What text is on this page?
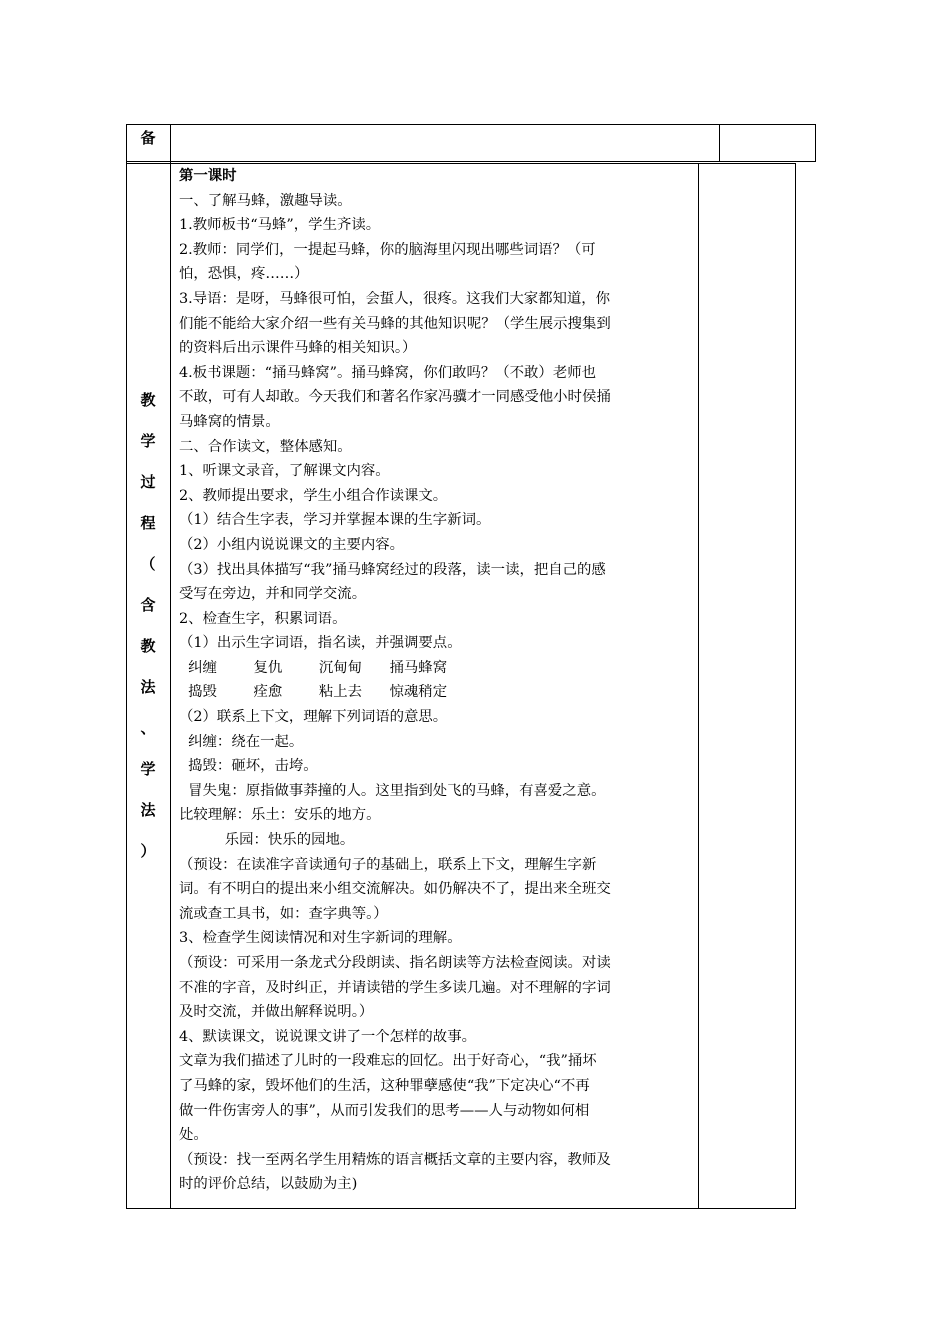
备
教
学
过
程
（
含
教
法
、
学
法
）
第一课时
一、了解马蜂，激趣导读。
1.教师板书“马蜂”，学生齐读。
2.教师：同学们，一提起马蜂，你的脑海里闪现出哪些词语？（可
怕，恐惧，疼……）
3.导语：是呀，马蜂很可怕，会蜇人，很疼。这我们大家都知道，你
们能不能给大家介绍一些有关马蜂的其他知识呢？（学生展示搜集到
的资料后出示课件马蜂的相关知识。）
4.板书课题：“捅马蜂窝”。捅马蜂窝，你们敢吗？（不敢）老师也
不敢，可有人却敢。今天我们和著名作家冯骥才一同感受他小时侯捅
马蜂窝的情景。
二、合作读文，整体感知。
1、听课文录音，了解课文内容。
2、教师提出要求，学生小组合作读课文。
（1）结合生字表，学习并掌握本课的生字新词。
（2）小组内说说课文的主要内容。
（3）找出具体描写“我”捅马蜂窝经过的段落，读一读，把自己的感
受写在旁边，并和同学交流。
2、检查生字，积累词语。
（1）出示生字词语，指名读，并强调要点。
纠缠        复仇        沉甸甸      捅马蜂窝
捣毁        痊愈        粘上去      惊魂稍定
（2）联系上下文，理解下列词语的意思。
纠缠：绕在一起。
捣毁：砸坏，击垮。
冒失鬼：原指做事莽撞的人。这里指到处飞的马蜂，有喜爱之意。
比较理解：乐土：安乐的地方。
乐园：快乐的园地。
（预设：在读准字音读通句子的基础上，联系上下文，理解生字新
词。有不明白的提出来小组交流解决。如仍解决不了，提出来全班交
流或查工具书，如：查字典等。）
3、检查学生阅读情况和对生字新词的理解。
（预设：可采用一条龙式分段朗读、指名朗读等方法检查阅读。对读
不准的字音，及时纠正，并请读错的学生多读几遍。对不理解的字词
及时交流，并做出解释说明。）
4、默读课文，说说课文讲了一个怎样的故事。
文章为我们描述了儿时的一段难忘的回忆。出于好奇心，“我”捅坏
了马蜂的家，毁坏他们的生活，这种罪孽感使“我”下定决心“不再
做一件伤害旁人的事”，从而引发我们的思考——人与动物如何相
处。
（预设：找一至两名学生用精炼的语言概括文章的主要内容，教师及
时的评价总结，以鼓励为主)
